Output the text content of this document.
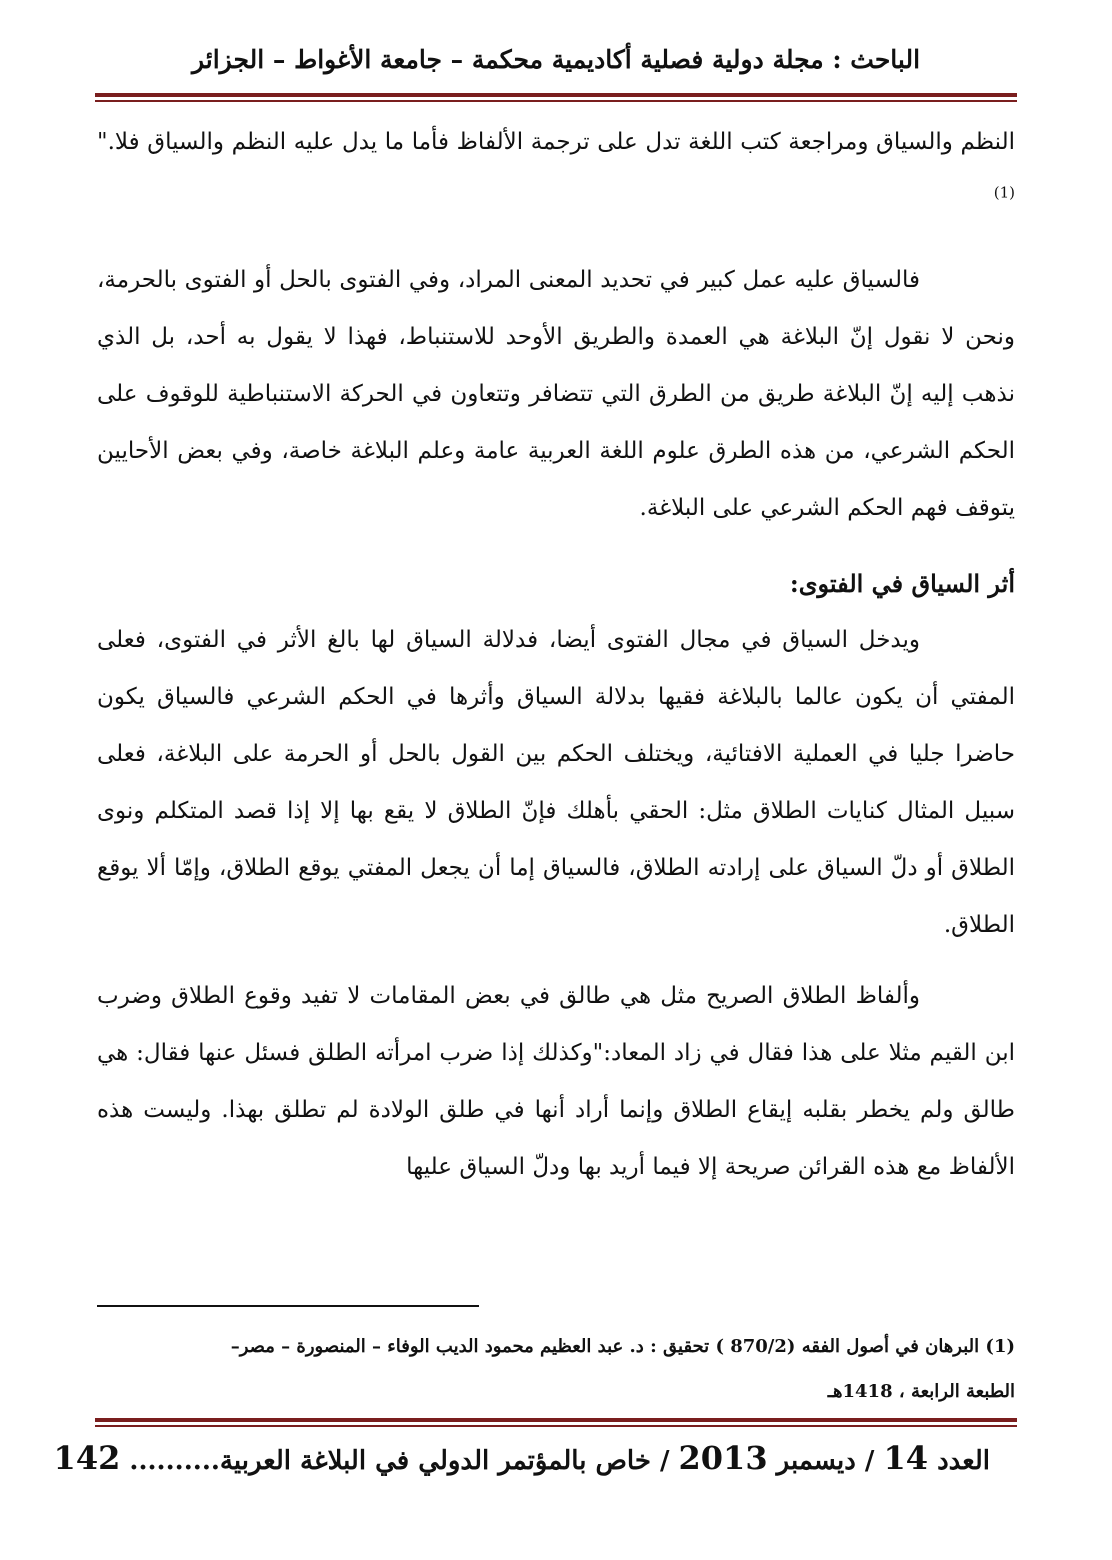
الباحث : مجلة دولية فصلية أكاديمية محكمة – جامعة الأغواط – الجزائر

النظم والسياق ومراجعة كتب اللغة تدل على ترجمة الألفاظ فأما ما يدل عليه النظم والسياق فلا."$^{(1)}$

فالسياق عليه عمل كبير في تحديد المعنى المراد، وفي الفتوى بالحل أو الفتوى بالحرمة، ونحن لا نقول إنّ البلاغة هي العمدة والطريق الأوحد للاستنباط، فهذا لا يقول به أحد، بل الذي نذهب إليه إنّ البلاغة طريق من الطرق التي تتضافر وتتعاون في الحركة الاستنباطية للوقوف على الحكم الشرعي، من هذه الطرق علوم اللغة العربية عامة وعلم البلاغة خاصة، وفي بعض الأحايين يتوقف فهم الحكم الشرعي على البلاغة.

أثر السياق في الفتوى:

ويدخل السياق في مجال الفتوى أيضا، فدلالة السياق لها بالغ الأثر في الفتوى، فعلى المفتي أن يكون عالما بالبلاغة فقيها بدلالة السياق وأثرها في الحكم الشرعي فالسياق يكون حاضرا جليا في العملية الافتائية، ويختلف الحكم بين القول بالحل أو الحرمة على البلاغة، فعلى سبيل المثال كنايات الطلاق مثل: الحقي بأهلك فإنّ الطلاق لا يقع بها إلا إذا قصد المتكلم ونوى الطلاق أو دلّ السياق على إرادته الطلاق، فالسياق إما أن يجعل المفتي يوقع الطلاق، وإمّا ألا يوقع الطلاق.

وألفاظ الطلاق الصريح مثل هي طالق في بعض المقامات لا تفيد وقوع الطلاق وضرب ابن القيم مثلا على هذا فقال في زاد المعاد:"وكذلك إذا ضرب امرأته الطلق فسئل عنها فقال: هي طالق ولم يخطر بقلبه إيقاع الطلاق وإنما أراد أنها في طلق الولادة لم تطلق بهذا. وليست هذه الألفاظ مع هذه القرائن صريحة إلا فيما أريد بها ودلّ السياق عليها

(1) البرهان في أصول الفقه (870/2 ) تحقيق : د. عبد العظيم محمود الديب الوفاء – المنصورة – مصر–

الطبعة الرابعة ، 1418هـ

العدد 14 / ديسمبر 2013 / خاص بالمؤتمر الدولي في البلاغة العربية.......... 142
